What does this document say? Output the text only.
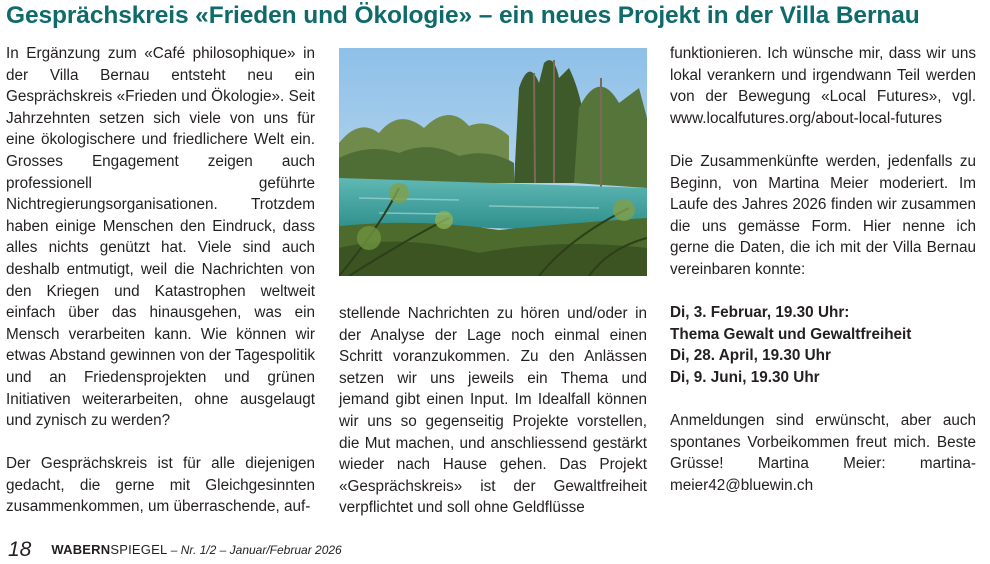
Gesprächskreis «Frieden und Ökologie» – ein neues Projekt in der Villa Bernau

In Ergänzung zum «Café philosophique» in der Villa Bernau entsteht neu ein Gesprächskreis «Frieden und Ökologie». Seit Jahrzehnten setzen sich viele von uns für eine ökologischere und friedlichere Welt ein. Grosses Engagement zeigen auch professionell geführte Nichtregierungsorganisationen. Trotzdem haben einige Menschen den Eindruck, dass alles nichts genützt hat. Viele sind auch deshalb entmutigt, weil die Nachrichten von den Kriegen und Katastrophen weltweit einfach über das hinausgehen, was ein Mensch verarbeiten kann. Wie können wir etwas Abstand gewinnen von der Tagespolitik und an Friedensprojekten und grünen Initiativen weiterarbeiten, ohne ausgelaugt und zynisch zu werden?

Der Gesprächskreis ist für alle diejenigen gedacht, die gerne mit Gleichgesinnten zusammenkommen, um überraschende, auf-

stellende Nachrichten zu hören und/oder in der Analyse der Lage noch einmal einen Schritt voranzukommen. Zu den Anlässen setzen wir uns jeweils ein Thema und jemand gibt einen Input. Im Idealfall können wir uns so gegenseitig Projekte vorstellen, die Mut machen, und anschliessend gestärkt wieder nach Hause gehen. Das Projekt «Gesprächskreis» ist der Gewaltfreiheit verpflichtet und soll ohne Geldflüsse

funktionieren. Ich wünsche mir, dass wir uns lokal verankern und irgendwann Teil werden von der Bewegung «Local Futures», vgl. www.localfutures.org/about-local-futures

Die Zusammenkünfte werden, jedenfalls zu Beginn, von Martina Meier moderiert. Im Laufe des Jahres 2026 finden wir zusammen die uns gemässe Form. Hier nenne ich gerne die Daten, die ich mit der Villa Bernau vereinbaren konnte:

Di, 3. Februar, 19.30 Uhr:

Thema Gewalt und Gewaltfreiheit

Di, 28. April, 19.30 Uhr

Di, 9. Juni, 19.30 Uhr

Anmeldungen sind erwünscht, aber auch spontanes Vorbeikommen freut mich. Beste Grüsse! Martina Meier: martina-meier42@bluewin.ch

18 WABERNSPIEGEL – Nr. 1/2 – Januar/Februar 2026
